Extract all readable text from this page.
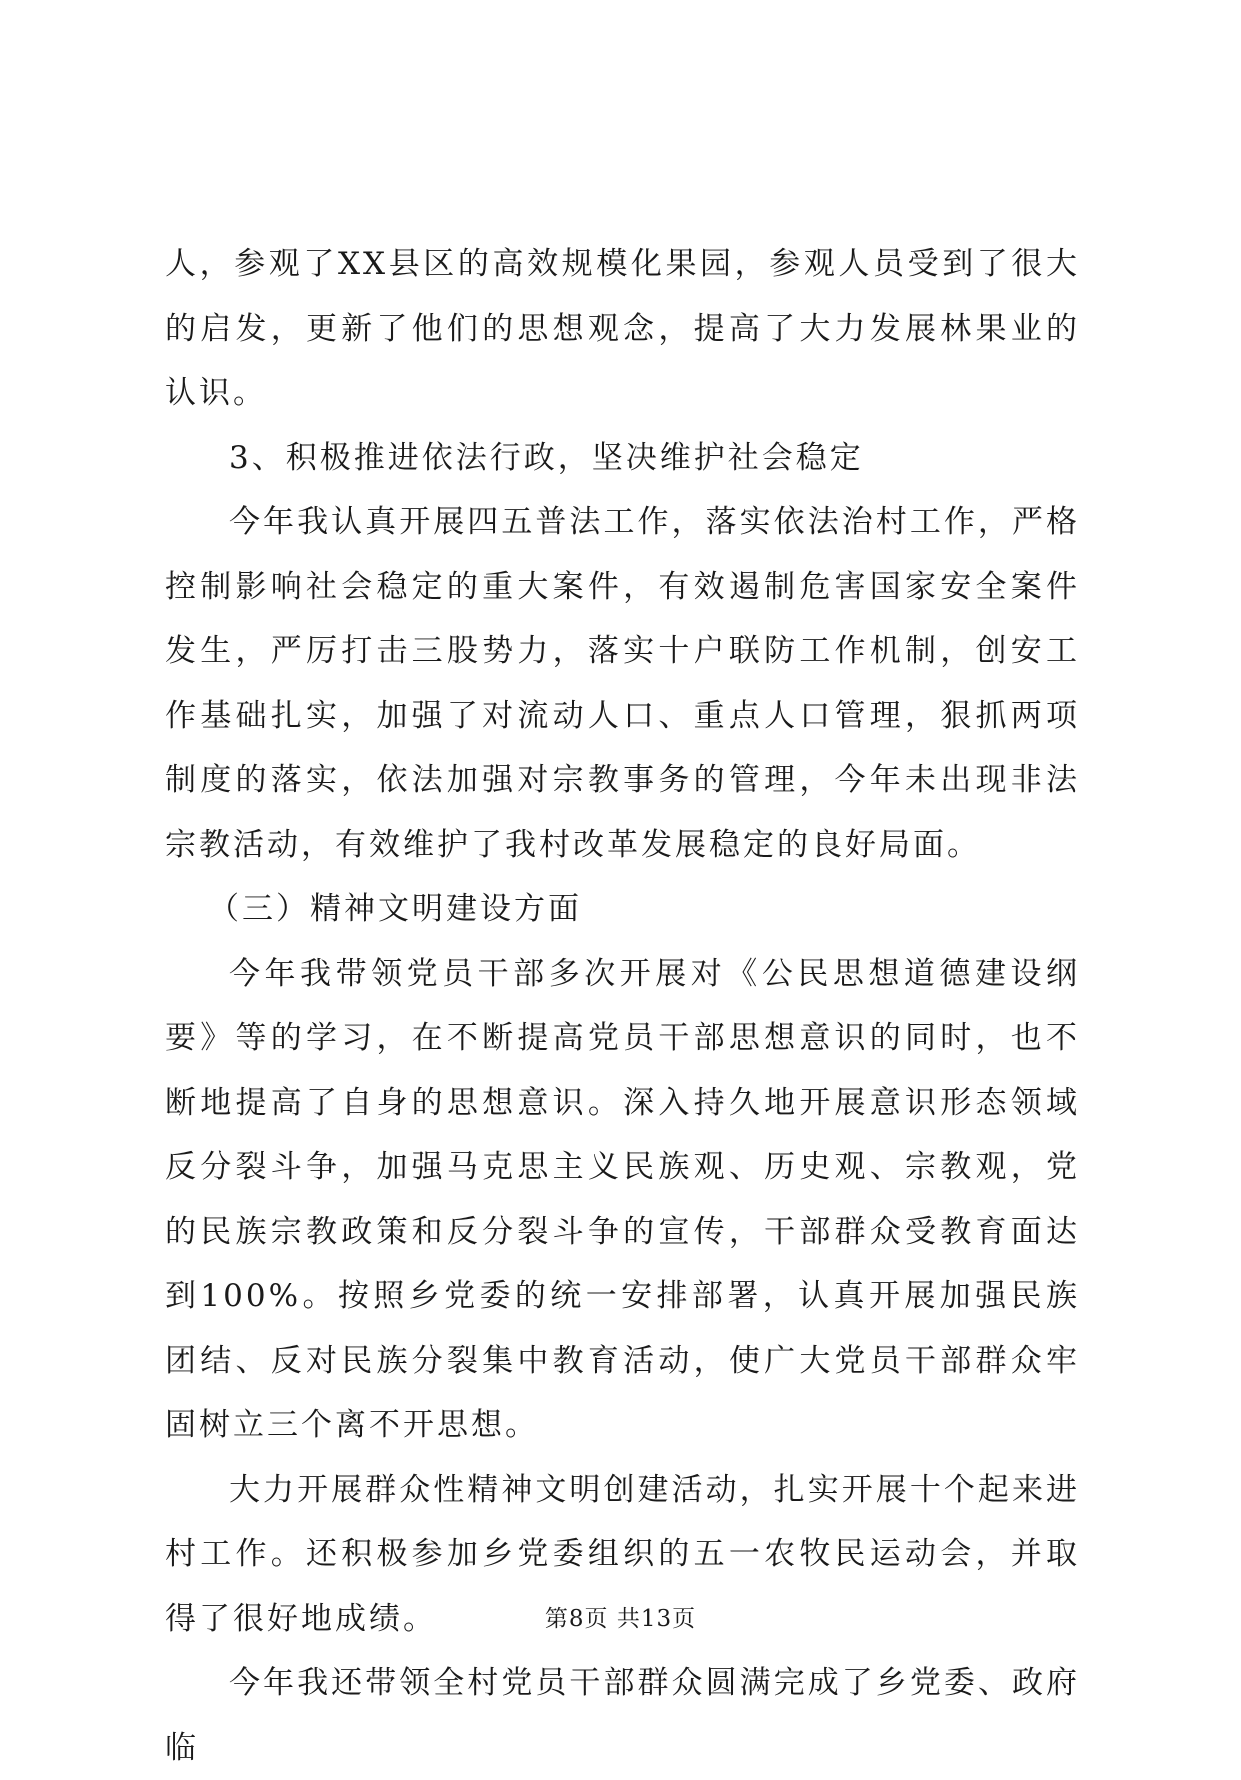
人，参观了XX县区的高效规模化果园，参观人员受到了很大的启发，更新了他们的思想观念，提高了大力发展林果业的认识。

3、积极推进依法行政，坚决维护社会稳定

今年我认真开展四五普法工作，落实依法治村工作，严格控制影响社会稳定的重大案件，有效遏制危害国家安全案件发生，严厉打击三股势力，落实十户联防工作机制，创安工作基础扎实，加强了对流动人口、重点人口管理，狠抓两项制度的落实，依法加强对宗教事务的管理，今年未出现非法宗教活动，有效维护了我村改革发展稳定的良好局面。

（三）精神文明建设方面

今年我带领党员干部多次开展对《公民思想道德建设纲要》等的学习，在不断提高党员干部思想意识的同时，也不断地提高了自身的思想意识。深入持久地开展意识形态领域反分裂斗争，加强马克思主义民族观、历史观、宗教观，党的民族宗教政策和反分裂斗争的宣传，干部群众受教育面达到100%。按照乡党委的统一安排部署，认真开展加强民族团结、反对民族分裂集中教育活动，使广大党员干部群众牢固树立三个离不开思想。

大力开展群众性精神文明创建活动，扎实开展十个起来进村工作。还积极参加乡党委组织的五一农牧民运动会，并取得了很好地成绩。

今年我还带领全村党员干部群众圆满完成了乡党委、政府临

第8页 共13页
